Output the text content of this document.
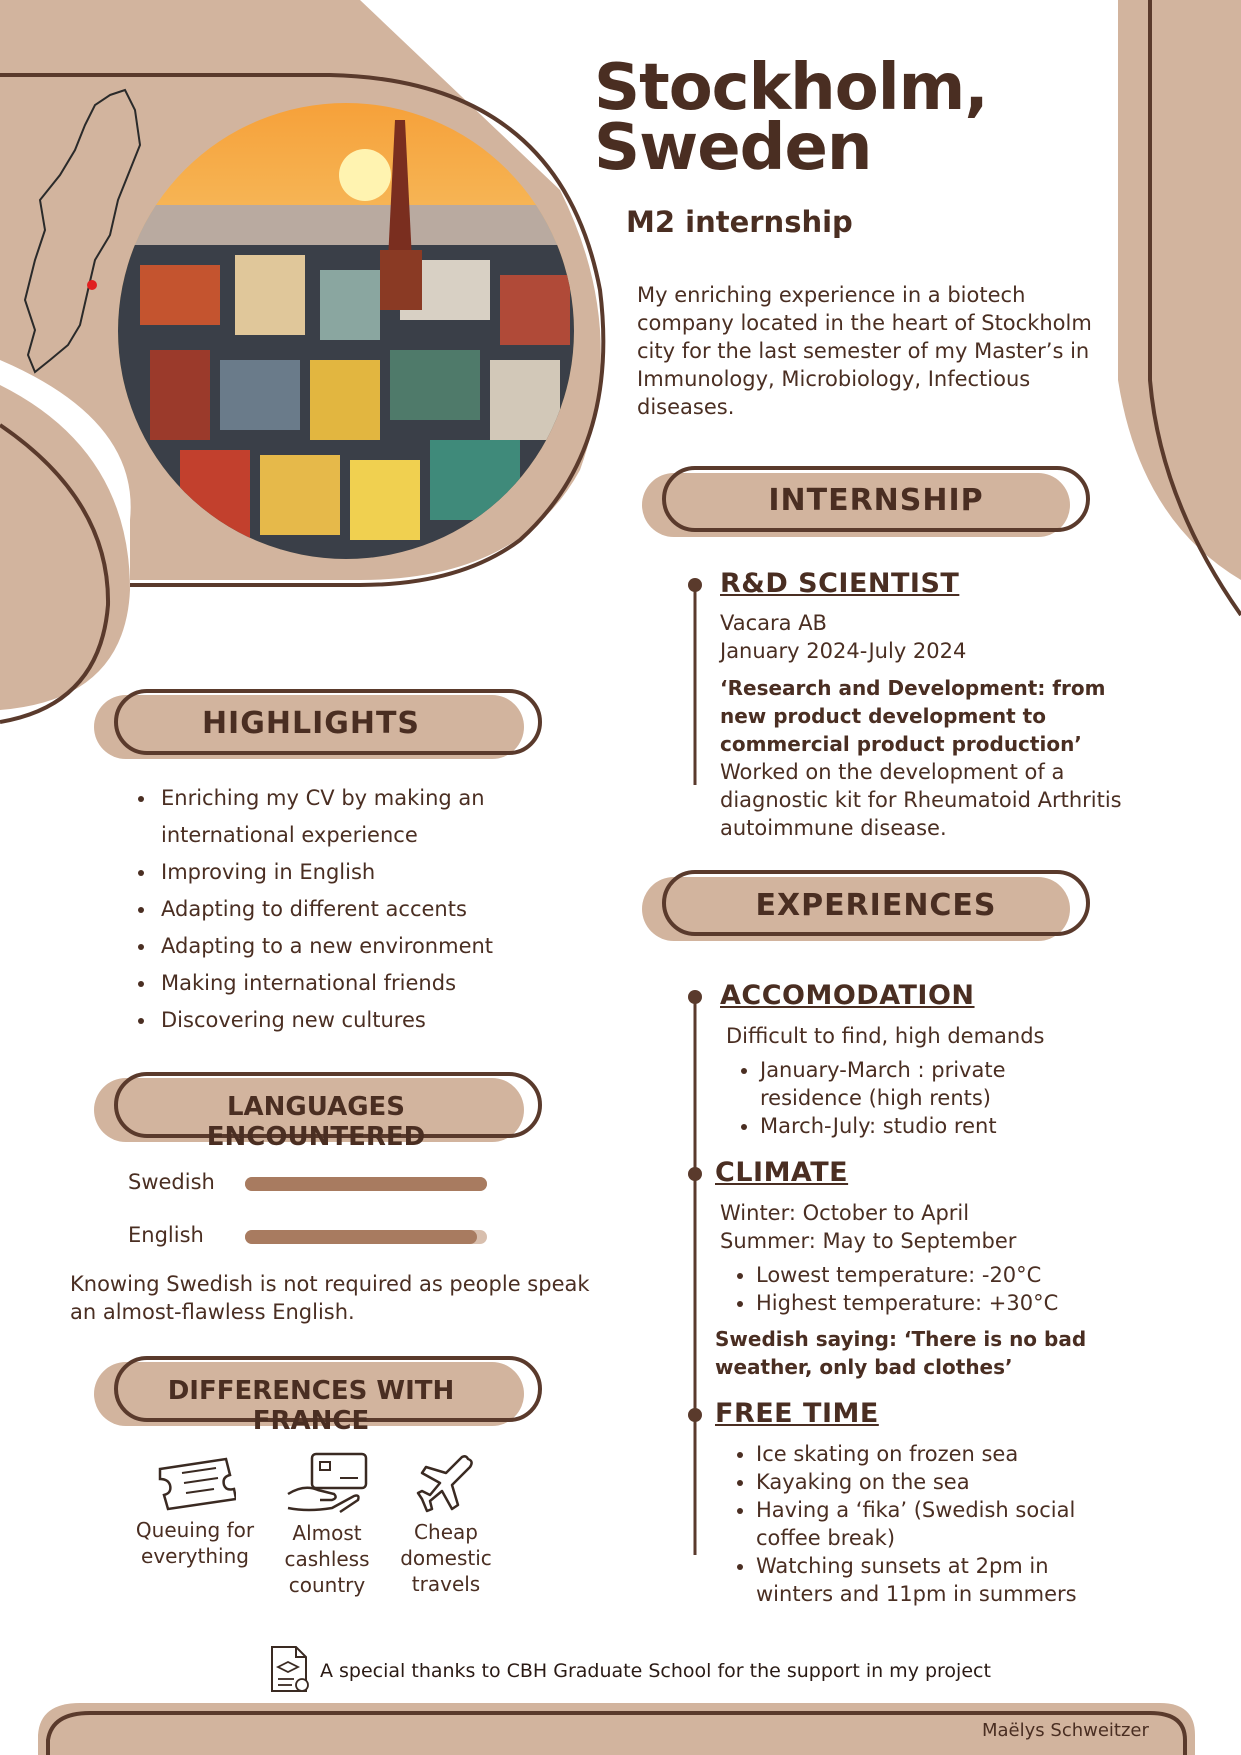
Stockholm,
Sweden
M2 internship

My enriching experience in a biotech company located in the heart of Stockholm city for the last semester of my Master’s in Immunology, Microbiology, Infectious diseases.

INTERNSHIP
R&D SCIENTIST
Vacara AB
January 2024-July 2024
‘Research and Development: from new product development to commercial product production’
Worked on the development of a diagnostic kit for Rheumatoid Arthritis autoimmune disease.
HIGHLIGHTS
• Enriching my CV by making an international experience
• Improving in English
• Adapting to different accents
• Adapting to a new environment
• Making international friends
• Discovering new cultures
LANGUAGES ENCOUNTERED
Swedish
English
Knowing Swedish is not required as people speak an almost-flawless English.
DIFFERENCES WITH FRANCE
Queuing for everything
Almost cashless country
Cheap domestic travels
EXPERIENCES
ACCOMODATION
Difficult to find, high demands
• January-March : private residence (high rents)
• March-July: studio rent
CLIMATE
Winter: October to April
Summer: May to September
• Lowest temperature: -20°C
• Highest temperature: +30°C
Swedish saying: ‘There is no bad weather, only bad clothes’
FREE TIME
• Ice skating on frozen sea
• Kayaking on the sea
• Having a ‘fika’ (Swedish social coffee break)
• Watching sunsets at 2pm in winters and 11pm in summers
A special thanks to CBH Graduate School for the support in my project
Maëlys Schweitzer
